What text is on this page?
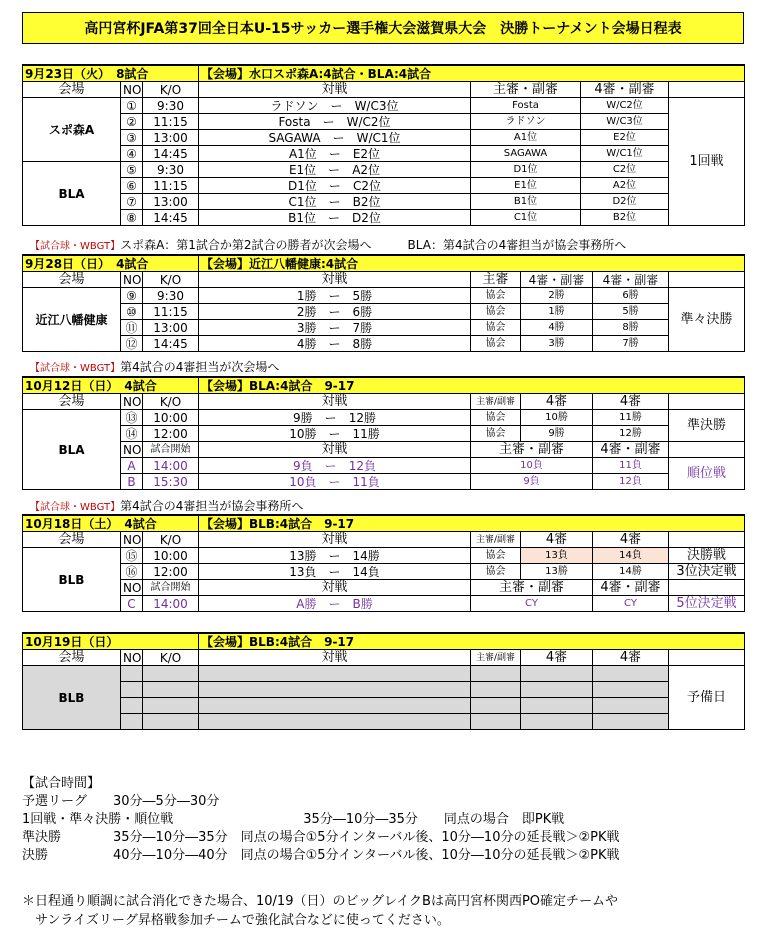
高円宮杯JFA第37回全日本U-15サッカー選手権大会滋賀県大会　決勝トーナメント会場日程表
9月23日（火）　 8試合			【会場】水口スポ森A:4試合・BLA:4試合			
会場	NO	K/O	対戦	主審・副審	4審・副審	
スポ森A	①	9:30	ラドソン　 ー　 W/C3位	Fosta	W/C2位	1回戦
	②	11:15	Fosta　 ー　 W/C2位	ラドソン	W/C3位	
	③	13:00	SAGAWA　 ー　 W/C1位	A1位	E2位	
	④	14:45	A1位　 ー　 E2位	SAGAWA	W/C1位	
BLA	⑤	9:30	E1位　 ー　 A2位	D1位	C2位	
	⑥	11:15	D1位　 ー　 C2位	E1位	A2位	
	⑦	13:00	C1位　 ー　 B2位	B1位	D2位	
	⑧	14:45	B1位　 ー　 D2位	C1位	B2位	
【試合球・WBGT】スポ森A：第1試合か第2試合の勝者が次会場へ　　　BLA：第4試合の4審担当が協会事務所へ
9月28日（日）　 4試合			【会場】近江八幡健康:4試合				
会場	NO	K/O	対戦	主審	4審・副審	4審・副審	
近江八幡健康	⑨	9:30	1勝　 ー　 5勝	協会	2勝	6勝	準々決勝
	⑩	11:15	2勝　 ー　 6勝	協会	1勝	5勝	
	⑪	13:00	3勝　 ー　 7勝	協会	4勝	8勝	
	⑫	14:45	4勝　 ー　 8勝	協会	3勝	7勝	
【試合球・WBGT】第4試合の4審担当が次会場へ
10月12日（日）　 4試合			【会場】BLA:4試合　9-17				
会場	NO	K/O	対戦	主審/副審	4審	4審	
BLA	⑬	10:00	9勝　 ー　 12勝	協会	10勝	11勝	準決勝
	⑭	12:00	10勝　 ー　 11勝	協会	9勝	12勝	
	NO	試合開始	対戦	主審・副審		4審・副審	
	A	14:00	9負　 ー　 12負	10負		11負	順位戦
	B	15:30	10負　 ー　 11負	9負		12負	
【試合球・WBGT】第4試合の4審担当が協会事務所へ
10月18日（土）　 4試合			【会場】BLB:4試合　9-17				
会場	NO	K/O	対戦	主審/副審	4審	4審	
BLB	⑮	10:00	13勝　 ー　 14勝	協会	13負	14負	決勝戦
	⑯	12:00	13負　 ー　 14負	協会	13勝	14勝	3位決定戦
	NO	試合開始	対戦	主審・副審		4審・副審	
	C	14:00	A勝　 ー　 B勝	CY		CY	5位決定戦
10月19日（日）			【会場】BLB:4試合　9-17				
会場	NO	K/O	対戦	主審/副審	4審	4審	
BLB							予備日

【試合時間】
予選リーグ　　30分―5分―30分
1回戦・準々決勝・順位戦　　　　　　　　　　35分―10分―35分　　同点の場合　即PK戦
準決勝　　　　35分―10分―35分　同点の場合①5分インターバル後、10分―10分の延長戦＞②PK戦
決勝　　　　　40分―10分―40分　同点の場合①5分インターバル後、10分―10分の延長戦＞②PK戦
＊日程通り順調に試合消化できた場合、10/19（日）のビッグレイクBは高円宮杯関西PO確定チームや
　サンライズリーグ昇格戦参加チームで強化試合などに使ってください。
